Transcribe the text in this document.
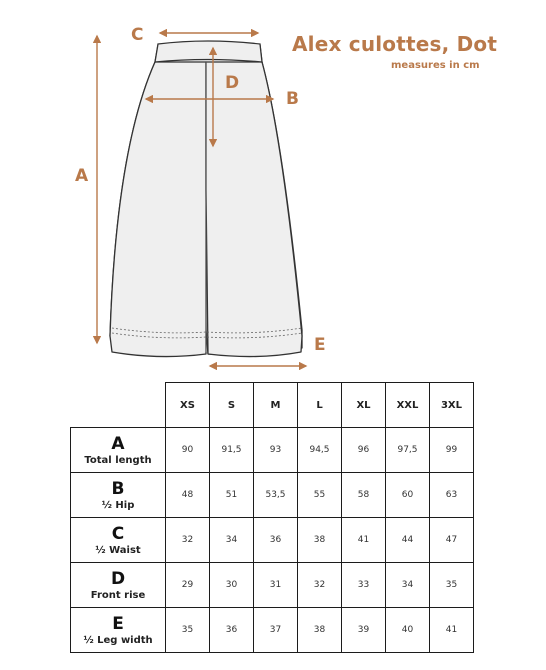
A
B
C
D
E
Alex culottes, Dot
measures in cm
	XS	S	M	L	XL	XXL	3XL

A
Total length	90	91,5	93	94,5	96	97,5	99

B
½ Hip	48	51	53,5	55	58	60	63

C
½ Waist	32	34	36	38	41	44	47

D
Front rise	29	30	31	32	33	34	35

E
½ Leg width	35	36	37	38	39	40	41
